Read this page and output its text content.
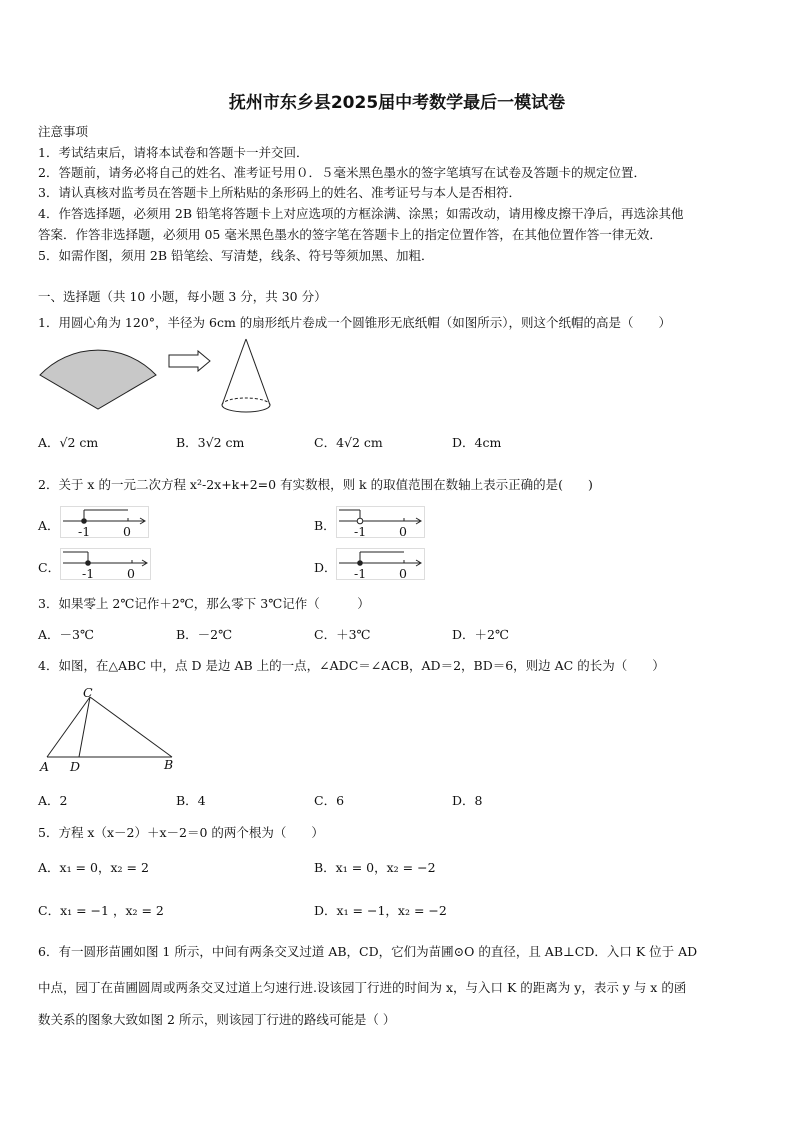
抚州市东乡县2025届中考数学最后一模试卷
注意事项
1．考试结束后，请将本试卷和答题卡一并交回．
2．答题前，请务必将自己的姓名、准考证号用０．５毫米黑色墨水的签字笔填写在试卷及答题卡的规定位置．
3．请认真核对监考员在答题卡上所粘贴的条形码上的姓名、准考证号与本人是否相符．
4．作答选择题，必须用 2B 铅笔将答题卡上对应选项的方框涂满、涂黑；如需改动，请用橡皮擦干净后，再选涂其他
答案．作答非选择题，必须用 05 毫米黑色墨水的签字笔在答题卡上的指定位置作答，在其他位置作答一律无效．
5．如需作图，须用 2B 铅笔绘、写清楚，线条、符号等须加黑、加粗．
一、选择题（共 10 小题，每小题 3 分，共 30 分）
1．用圆心角为 120°，半径为 6cm 的扇形纸片卷成一个圆锥形无底纸帽（如图所示），则这个纸帽的高是（　　）
A．√2 cm	B．3√2 cm	C．4√2 cm	D．4cm
2．关于 x 的一元二次方程 x²-2x+k+2=0 有实数根，则 k 的取值范围在数轴上表示正确的是(　　)
A． -1	0	B． -1	0
C． -1	0	D． -1	0
3．如果零上 2℃记作＋2℃，那么零下 3℃记作（　　　）
A．－3℃	B．－2℃	C．＋3℃	D．＋2℃
4．如图，在△ABC 中，点 D 是边 AB 上的一点，∠ADC＝∠ACB，AD＝2，BD＝6，则边 AC 的长为（　　）
C
A D	B
A．2	B．4	C．6	D．8
5．方程 x（x－2）＋x－2＝0 的两个根为（　　）
A．x₁ = 0，x₂ = 2	B．x₁ = 0，x₂ = −2
C．x₁ = −1 ，x₂ = 2	D．x₁ = −1，x₂ = −2
6．有一圆形苗圃如图 1 所示，中间有两条交叉过道 AB，CD，它们为苗圃⊙O 的直径，且 AB⊥CD．入口 K 位于 AD
中点，园丁在苗圃圆周或两条交叉过道上匀速行进.设该园丁行进的时间为 x，与入口 K 的距离为 y，表示 y 与 x 的函
数关系的图象大致如图 2 所示，则该园丁行进的路线可能是（ ）
